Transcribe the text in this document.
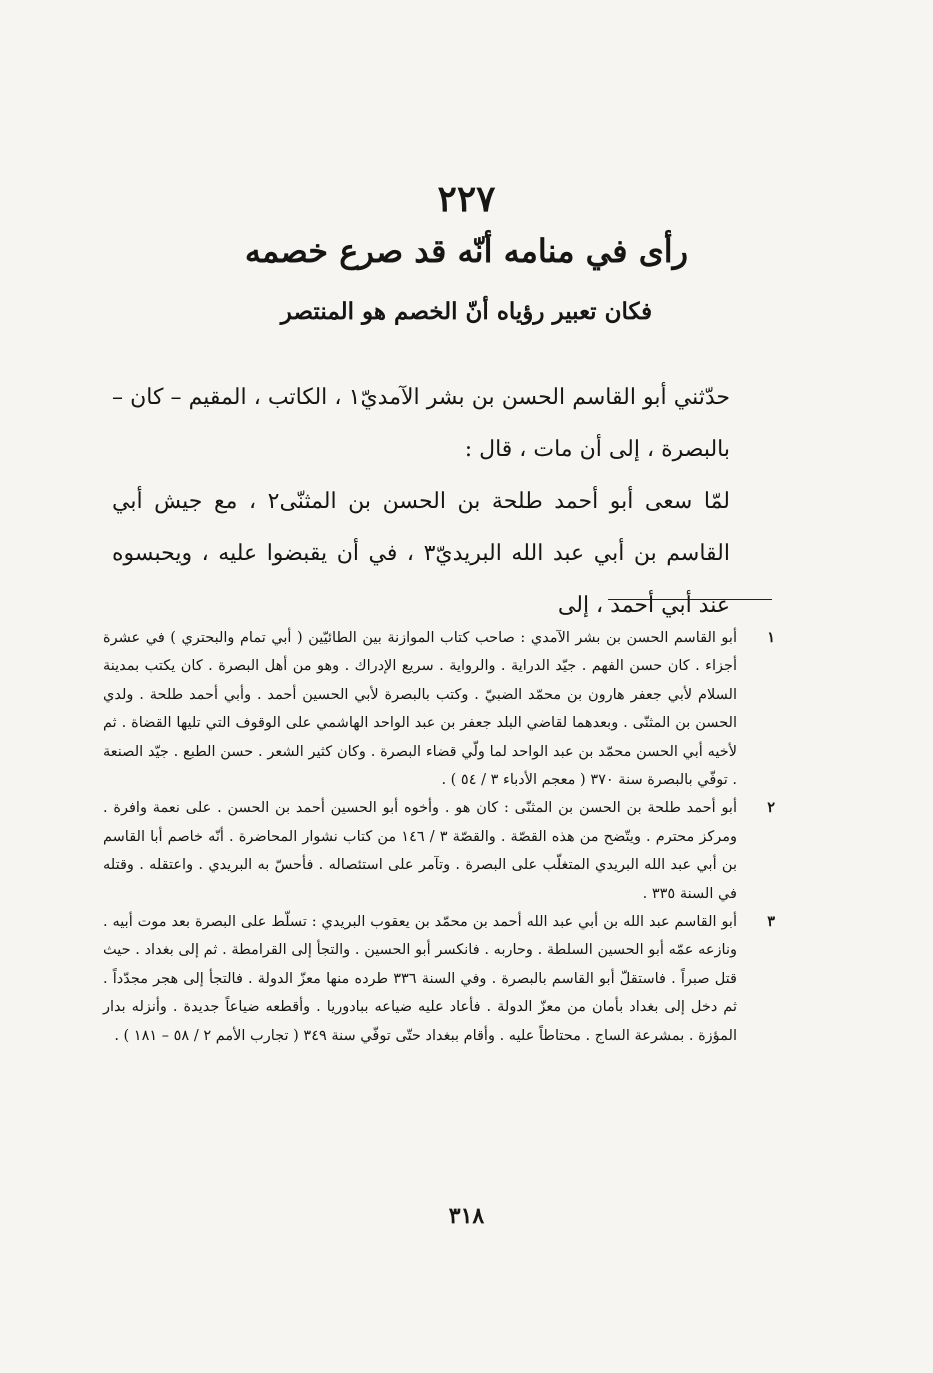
٢٢٧
رأى في منامه أنّه قد صرع خصمه
فكان تعبير رؤياه أنّ الخصم هو المنتصر
حدّثني أبو القاسم الحسن بن بشر الآمديّ١ ، الكاتب ، المقيم – كان – بالبصرة ، إلى أن مات ، قال :
لمّا سعى أبو أحمد طلحة بن الحسن بن المثنّى٢ ، مع جيش أبي القاسم بن أبي عبد الله البريديّ٣ ، في أن يقبضوا عليه ، ويحبسوه عند أبي أحمد ، إلى
١
أبو القاسم الحسن بن بشر الآمدي : صاحب كتاب الموازنة بين الطائيّين ( أبي تمام والبحتري ) في عشرة أجزاء . كان حسن الفهم . جيّد الدراية . والرواية . سريع الإدراك . وهو من أهل البصرة . كان يكتب بمدينة السلام لأبي جعفر هارون بن محمّد الضبيّ . وكتب بالبصرة لأبي الحسين أحمد . وأبي أحمد طلحة . ولدي الحسن بن المثنّى . وبعدهما لقاضي البلد جعفر بن عبد الواحد الهاشمي على الوقوف التي تليها القضاة . ثم لأخيه أبي الحسن محمّد بن عبد الواحد لما ولّي قضاء البصرة . وكان كثير الشعر . حسن الطبع . جيّد الصنعة . توفّي بالبصرة سنة ٣٧٠ ( معجم الأدباء ٣ / ٥٤ ) .
٢
أبو أحمد طلحة بن الحسن بن المثنّى : كان هو . وأخوه أبو الحسين أحمد بن الحسن . على نعمة وافرة . ومركز محترم . ويتّضح من هذه القصّة . والقصّة ٣ / ١٤٦ من كتاب نشوار المحاضرة . أنّه خاصم أبا القاسم بن أبي عبد الله البريدي المتغلّب على البصرة . وتآمر على استئصاله . فأحسّ به البريدي . واعتقله . وقتله في السنة ٣٣٥ .
٣
أبو القاسم عبد الله بن أبي عبد الله أحمد بن محمّد بن يعقوب البريدي : تسلّط على البصرة بعد موت أبيه . ونازعه عمّه أبو الحسين السلطة . وحاربه . فانكسر أبو الحسين . والتجأ إلى القرامطة . ثم إلى بغداد . حيث قتل صبراً . فاستقلّ أبو القاسم بالبصرة . وفي السنة ٣٣٦ طرده منها معزّ الدولة . فالتجأ إلى هجر مجدّداً . ثم دخل إلى بغداد بأمان من معزّ الدولة . فأعاد عليه ضياعه ببادوريا . وأقطعه ضياعاً جديدة . وأنزله بدار المؤزة . بمشرعة الساج . محتاطاً عليه . وأقام ببغداد حتّى توفّي سنة ٣٤٩ ( تجارب الأمم ٢ / ٥٨ – ١٨١ ) .
٣١٨
